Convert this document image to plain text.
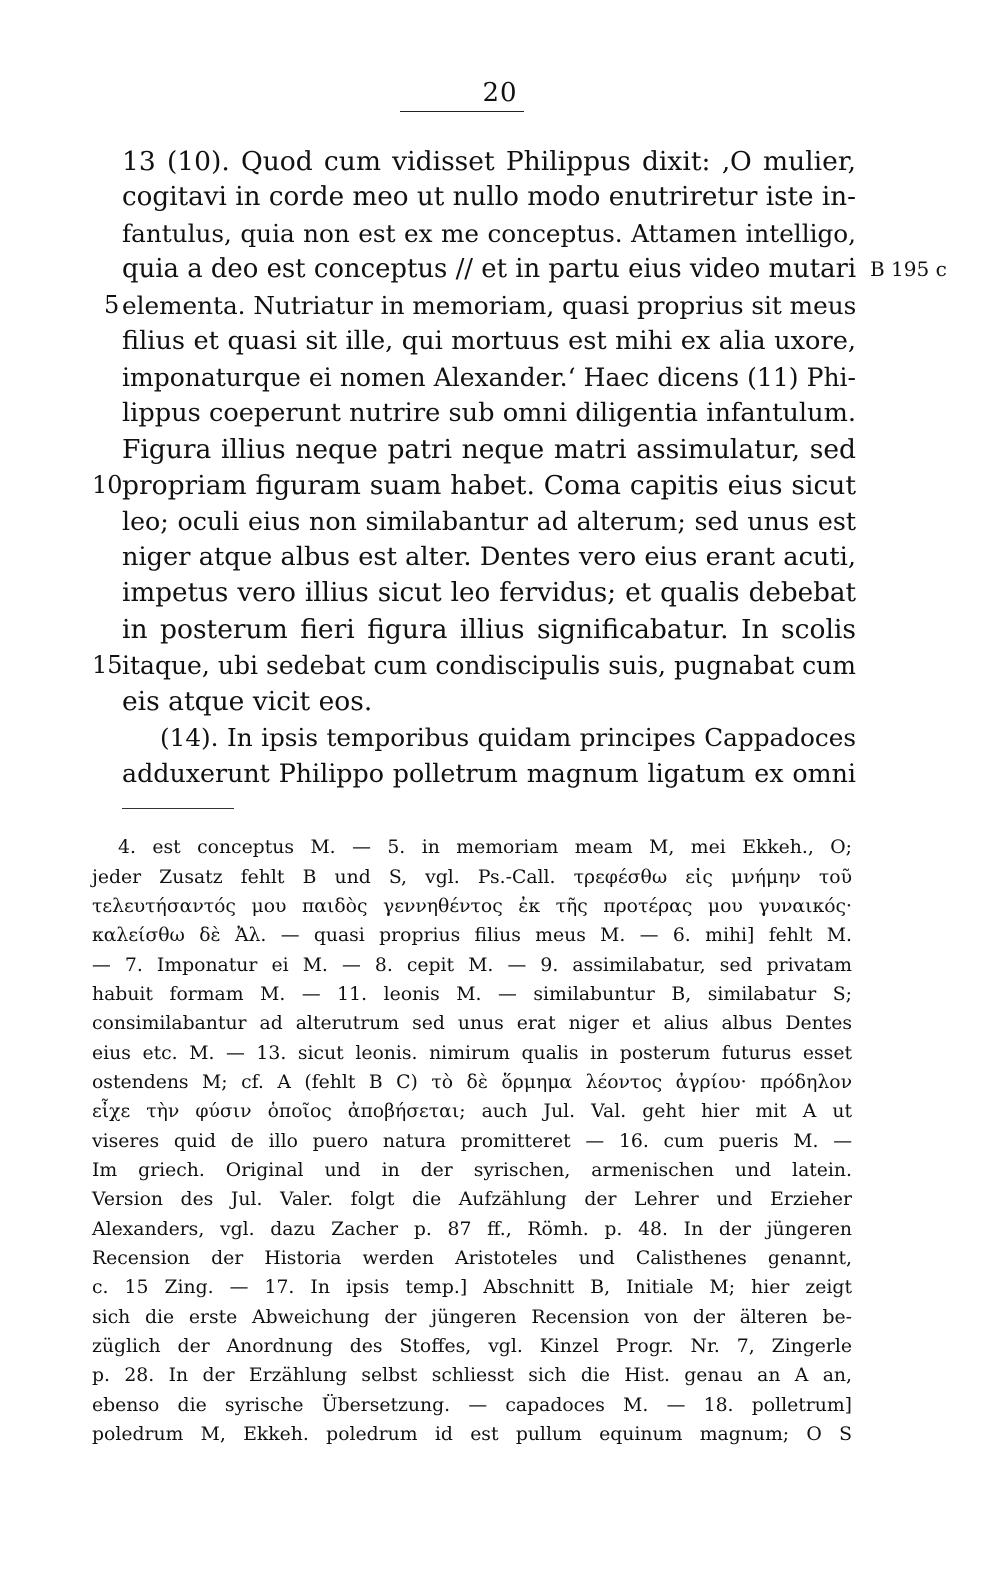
20
13 (10). Quod cum vidisset Philippus dixit: ‚O mulier,
cogitavi in corde meo ut nullo modo enutriretur iste in-
fantulus, quia non est ex me conceptus. Attamen intelligo,
quia a deo est conceptus // et in partu eius video mutari
elementa. Nutriatur in memoriam, quasi proprius sit meus
filius et quasi sit ille, qui mortuus est mihi ex alia uxore,
imponaturque ei nomen Alexander.‘ Haec dicens (11) Phi-
lippus coeperunt nutrire sub omni diligentia infantulum.
Figura illius neque patri neque matri assimulatur, sed
propriam figuram suam habet. Coma capitis eius sicut
leo; oculi eius non similabantur ad alterum; sed unus est
niger atque albus est alter. Dentes vero eius erant acuti,
impetus vero illius sicut leo fervidus; et qualis debebat
in posterum fieri figura illius significabatur. In scolis
itaque, ubi sedebat cum condiscipulis suis, pugnabat cum
eis atque vicit eos.
(14). In ipsis temporibus quidam principes Cappadoces
adduxerunt Philippo polletrum magnum ligatum ex omni
5
10
15
B 195 c
4. est conceptus M. — 5. in memoriam meam M, mei Ekkeh., O;
jeder Zusatz fehlt B und S, vgl. Ps.-Call. τρεφέσθω εἰς μνήμην τοῦ
τελευτήσαντός μου παιδὸς γεννηθέντος ἐκ τῆς προτέρας μου γυναικός·
καλείσθω δὲ Ἀλ. — quasi proprius filius meus M. — 6. mihi] fehlt M.
— 7. Imponatur ei M. — 8. cepit M. — 9. assimilabatur, sed privatam
habuit formam M. — 11. leonis M. — similabuntur B, similabatur S;
consimilabantur ad alterutrum sed unus erat niger et alius albus Dentes
eius etc. M. — 13. sicut leonis. nimirum qualis in posterum futurus esset
ostendens M; cf. A (fehlt B C) τὸ δὲ ὅρμημα λέοντος ἀγρίου· πρόδηλον
εἶχε τὴν φύσιν ὁποῖος ἀποβήσεται; auch Jul. Val. geht hier mit A ut
viseres quid de illo puero natura promitteret — 16. cum pueris M. —
Im griech. Original und in der syrischen, armenischen und latein.
Version des Jul. Valer. folgt die Aufzählung der Lehrer und Erzieher
Alexanders, vgl. dazu Zacher p. 87 ff., Römh. p. 48. In der jüngeren
Recension der Historia werden Aristoteles und Calisthenes genannt,
c. 15 Zing. — 17. In ipsis temp.] Abschnitt B, Initiale M; hier zeigt
sich die erste Abweichung der jüngeren Recension von der älteren be-
züglich der Anordnung des Stoffes, vgl. Kinzel Progr. Nr. 7, Zingerle
p. 28. In der Erzählung selbst schliesst sich die Hist. genau an A an,
ebenso die syrische Übersetzung. — capadoces M. — 18. polletrum]
poledrum M, Ekkeh. poledrum id est pullum equinum magnum; O S
